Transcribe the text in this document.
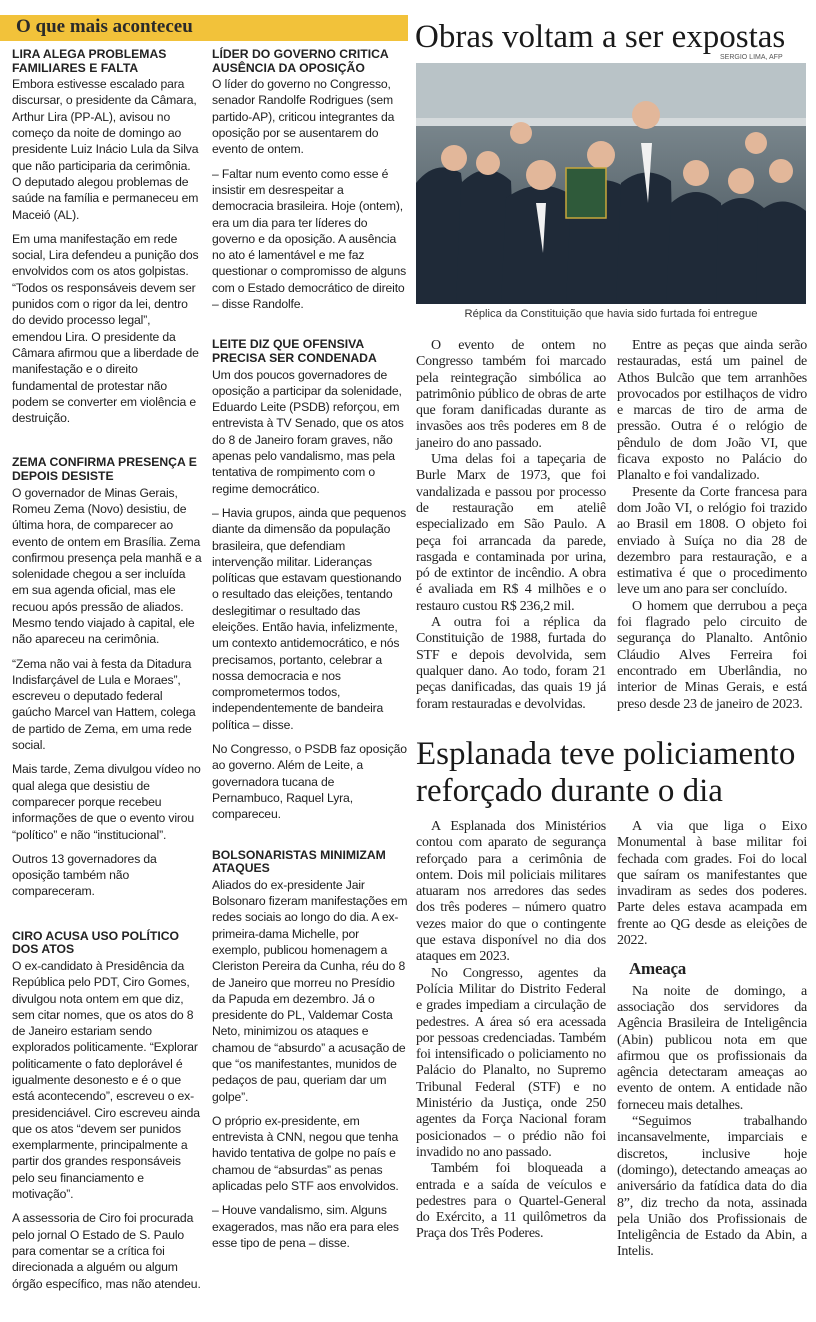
O que mais aconteceu
LIRA ALEGA PROBLEMAS FAMILIARES E FALTA

Embora estivesse escalado para discursar, o presidente da Câmara, Arthur Lira (PP-AL), avisou no começo da noite de domingo ao presidente Luiz Inácio Lula da Silva que não participaria da cerimônia. O deputado alegou problemas de saúde na família e permaneceu em Maceió (AL).

Em uma manifestação em rede social, Lira defendeu a punição dos envolvidos com os atos golpistas. “Todos os responsáveis devem ser punidos com o rigor da lei, dentro do devido processo legal”, emendou Lira. O presidente da Câmara afirmou que a liberdade de manifestação e o direito fundamental de protestar não podem se converter em violência e destruição.

ZEMA CONFIRMA PRESENÇA E DEPOIS DESISTE

O governador de Minas Gerais, Romeu Zema (Novo) desistiu, de última hora, de comparecer ao evento de ontem em Brasília. Zema confirmou presença pela manhã e a solenidade chegou a ser incluída em sua agenda oficial, mas ele recuou após pressão de aliados. Mesmo tendo viajado à capital, ele não apareceu na cerimônia.

“Zema não vai à festa da Ditadura Indisfarçável de Lula e Moraes”, escreveu o deputado federal gaúcho Marcel van Hattem, colega de partido de Zema, em uma rede social.

Mais tarde, Zema divulgou vídeo no qual alega que desistiu de comparecer porque recebeu informações de que o evento virou “político” e não “institucional”.

Outros 13 governadores da oposição também não compareceram.

CIRO ACUSA USO POLÍTICO DOS ATOS

O ex-candidato à Presidência da República pelo PDT, Ciro Gomes, divulgou nota ontem em que diz, sem citar nomes, que os atos do 8 de Janeiro estariam sendo explorados politicamente. “Explorar politicamente o fato deplorável é igualmente desonesto e é o que está acontecendo”, escreveu o ex-presidenciável. Ciro escreveu ainda que os atos “devem ser punidos exemplarmente, principalmente a partir dos grandes responsáveis pelo seu financiamento e motivação”.

A assessoria de Ciro foi procurada pelo jornal O Estado de S. Paulo para comentar se a crítica foi direcionada a alguém ou algum órgão específico, mas não atendeu.

LÍDER DO GOVERNO CRITICA AUSÊNCIA DA OPOSIÇÃO

O líder do governo no Congresso, senador Randolfe Rodrigues (sem partido-AP), criticou integrantes da oposição por se ausentarem do evento de ontem.

– Faltar num evento como esse é insistir em desrespeitar a democracia brasileira. Hoje (ontem), era um dia para ter líderes do governo e da oposição. A ausência no ato é lamentável e me faz questionar o compromisso de alguns com o Estado democrático de direito – disse Randolfe.

LEITE DIZ QUE OFENSIVA PRECISA SER CONDENADA

Um dos poucos governadores de oposição a participar da solenidade, Eduardo Leite (PSDB) reforçou, em entrevista à TV Senado, que os atos do 8 de Janeiro foram graves, não apenas pelo vandalismo, mas pela tentativa de rompimento com o regime democrático.

– Havia grupos, ainda que pequenos diante da dimensão da população brasileira, que defendiam intervenção militar. Lideranças políticas que estavam questionando o resultado das eleições, tentando deslegitimar o resultado das eleições. Então havia, infelizmente, um contexto antidemocrático, e nós precisamos, portanto, celebrar a nossa democracia e nos comprometermos todos, independentemente de bandeira política – disse.

No Congresso, o PSDB faz oposição ao governo. Além de Leite, a governadora tucana de Pernambuco, Raquel Lyra, compareceu.

BOLSONARISTAS MINIMIZAM ATAQUES

Aliados do ex-presidente Jair Bolsonaro fizeram manifestações em redes sociais ao longo do dia. A ex-primeira-dama Michelle, por exemplo, publicou homenagem a Cleriston Pereira da Cunha, réu do 8 de Janeiro que morreu no Presídio da Papuda em dezembro. Já o presidente do PL, Valdemar Costa Neto, minimizou os ataques e chamou de “absurdo” a acusação de que “os manifestantes, munidos de pedaços de pau, queriam dar um golpe”.

O próprio ex-presidente, em entrevista à CNN, negou que tenha havido tentativa de golpe no país e chamou de “absurdas” as penas aplicadas pelo STF aos envolvidos.

– Houve vandalismo, sim. Alguns exagerados, mas não era para eles esse tipo de pena – disse.

Obras voltam a ser expostas
SERGIO LIMA, AFP
Réplica da Constituição que havia sido furtada foi entregue

O evento de ontem no Congresso também foi marcado pela reintegração simbólica ao patrimônio público de obras de arte que foram danificadas durante as invasões aos três poderes em 8 de janeiro do ano passado.

Uma delas foi a tapeçaria de Burle Marx de 1973, que foi vandalizada e passou por processo de restauração em ateliê especializado em São Paulo. A peça foi arrancada da parede, rasgada e contaminada por urina, pó de extintor de incêndio. A obra é avaliada em R$ 4 milhões e o restauro custou R$ 236,2 mil.

A outra foi a réplica da Constituição de 1988, furtada do STF e depois devolvida, sem qualquer dano. Ao todo, foram 21 peças danificadas, das quais 19 já foram restauradas e devolvidas.

Entre as peças que ainda serão restauradas, está um painel de Athos Bulcão que tem arranhões provocados por estilhaços de vidro e marcas de tiro de arma de pressão. Outra é o relógio de pêndulo de dom João VI, que ficava exposto no Palácio do Planalto e foi vandalizado.

Presente da Corte francesa para dom João VI, o relógio foi trazido ao Brasil em 1808. O objeto foi enviado à Suíça no dia 28 de dezembro para restauração, e a estimativa é que o procedimento leve um ano para ser concluído.

O homem que derrubou a peça foi flagrado pelo circuito de segurança do Planalto. Antônio Cláudio Alves Ferreira foi encontrado em Uberlândia, no interior de Minas Gerais, e está preso desde 23 de janeiro de 2023.

Esplanada teve policiamento reforçado durante o dia

A Esplanada dos Ministérios contou com aparato de segurança reforçado para a cerimônia de ontem. Dois mil policiais militares atuaram nos arredores das sedes dos três poderes – número quatro vezes maior do que o contingente que estava disponível no dia dos ataques em 2023.

No Congresso, agentes da Polícia Militar do Distrito Federal e grades impediam a circulação de pedestres. A área só era acessada por pessoas credenciadas. Também foi intensificado o policiamento no Palácio do Planalto, no Supremo Tribunal Federal (STF) e no Ministério da Justiça, onde 250 agentes da Força Nacional foram posicionados – o prédio não foi invadido no ano passado.

Também foi bloqueada a entrada e a saída de veículos e pedestres para o Quartel-General do Exército, a 11 quilômetros da Praça dos Três Poderes.

A via que liga o Eixo Monumental à base militar foi fechada com grades. Foi do local que saíram os manifestantes que invadiram as sedes dos poderes. Parte deles estava acampada em frente ao QG desde as eleições de 2022.

Ameaça

Na noite de domingo, a associação dos servidores da Agência Brasileira de Inteligência (Abin) publicou nota em que afirmou que os profissionais da agência detectaram ameaças ao evento de ontem. A entidade não forneceu mais detalhes.

“Seguimos trabalhando incansavelmente, imparciais e discretos, inclusive hoje (domingo), detectando ameaças ao aniversário da fatídica data do dia 8”, diz trecho da nota, assinada pela União dos Profissionais de Inteligência de Estado da Abin, a Intelis.
